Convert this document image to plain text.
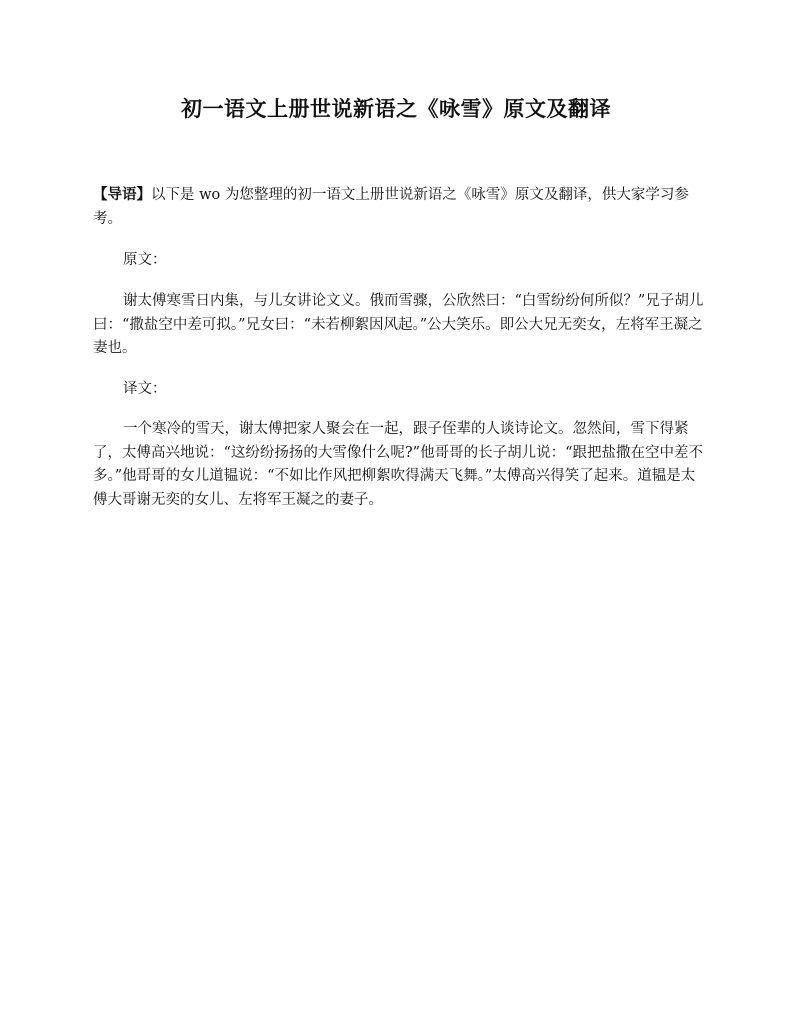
初一语文上册世说新语之《咏雪》原文及翻译
【导语】以下是 wo 为您整理的初一语文上册世说新语之《咏雪》原文及翻译，供大家学习参考。
原文：
谢太傅寒雪日内集，与儿女讲论文义。俄而雪骤，公欣然曰：“白雪纷纷何所似？”兄子胡儿曰：“撒盐空中差可拟。”兄女曰：“未若柳絮因风起。”公大笑乐。即公大兄无奕女，左将军王凝之妻也。
译文：
一个寒冷的雪天，谢太傅把家人聚会在一起，跟子侄辈的人谈诗论文。忽然间，雪下得紧了，太傅高兴地说：“这纷纷扬扬的大雪像什么呢?”他哥哥的长子胡儿说：“跟把盐撒在空中差不多。”他哥哥的女儿道韫说：“不如比作风把柳絮吹得满天飞舞。”太傅高兴得笑了起来。道韫是太傅大哥谢无奕的女儿、左将军王凝之的妻子。
